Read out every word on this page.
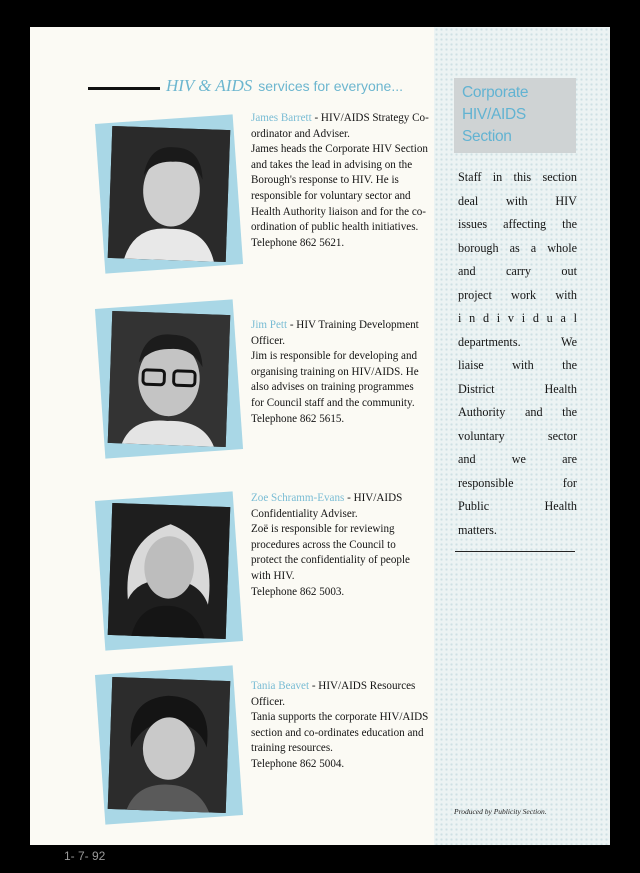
HIV & AIDS services for everyone...
James Barrett - HIV/AIDS Strategy Co-ordinator and Adviser.
James heads the Corporate HIV Section and takes the lead in advising on the Borough's response to HIV. He is responsible for voluntary sector and Health Authority liaison and for the co-ordination of public health initiatives. Telephone 862 5621.
Jim Pett - HIV Training Development Officer.
Jim is responsible for developing and organising training on HIV/AIDS. He also advises on training programmes for Council staff and the community.
Telephone 862 5615.
Zoe Schramm-Evans - HIV/AIDS Confidentiality Adviser.
Zoë is responsible for reviewing procedures across the Council to protect the confidentiality of people with HIV.
Telephone 862 5003.
Tania Beavet - HIV/AIDS Resources Officer.
Tania supports the corporate HIV/AIDS section and co-ordinates education and training resources.
Telephone 862 5004.
Corporate
HIV/AIDS
Section
Staff in this section
deal with HIV
issues affecting the
borough as a whole
and carry out
project work with
i n d i v i d u a l
departments. We
liaise with the
District Health
Authority and the
voluntary sector
and we are
responsible for
Public Health
matters.
Produced by Publicity Section.
1- 7- 92
